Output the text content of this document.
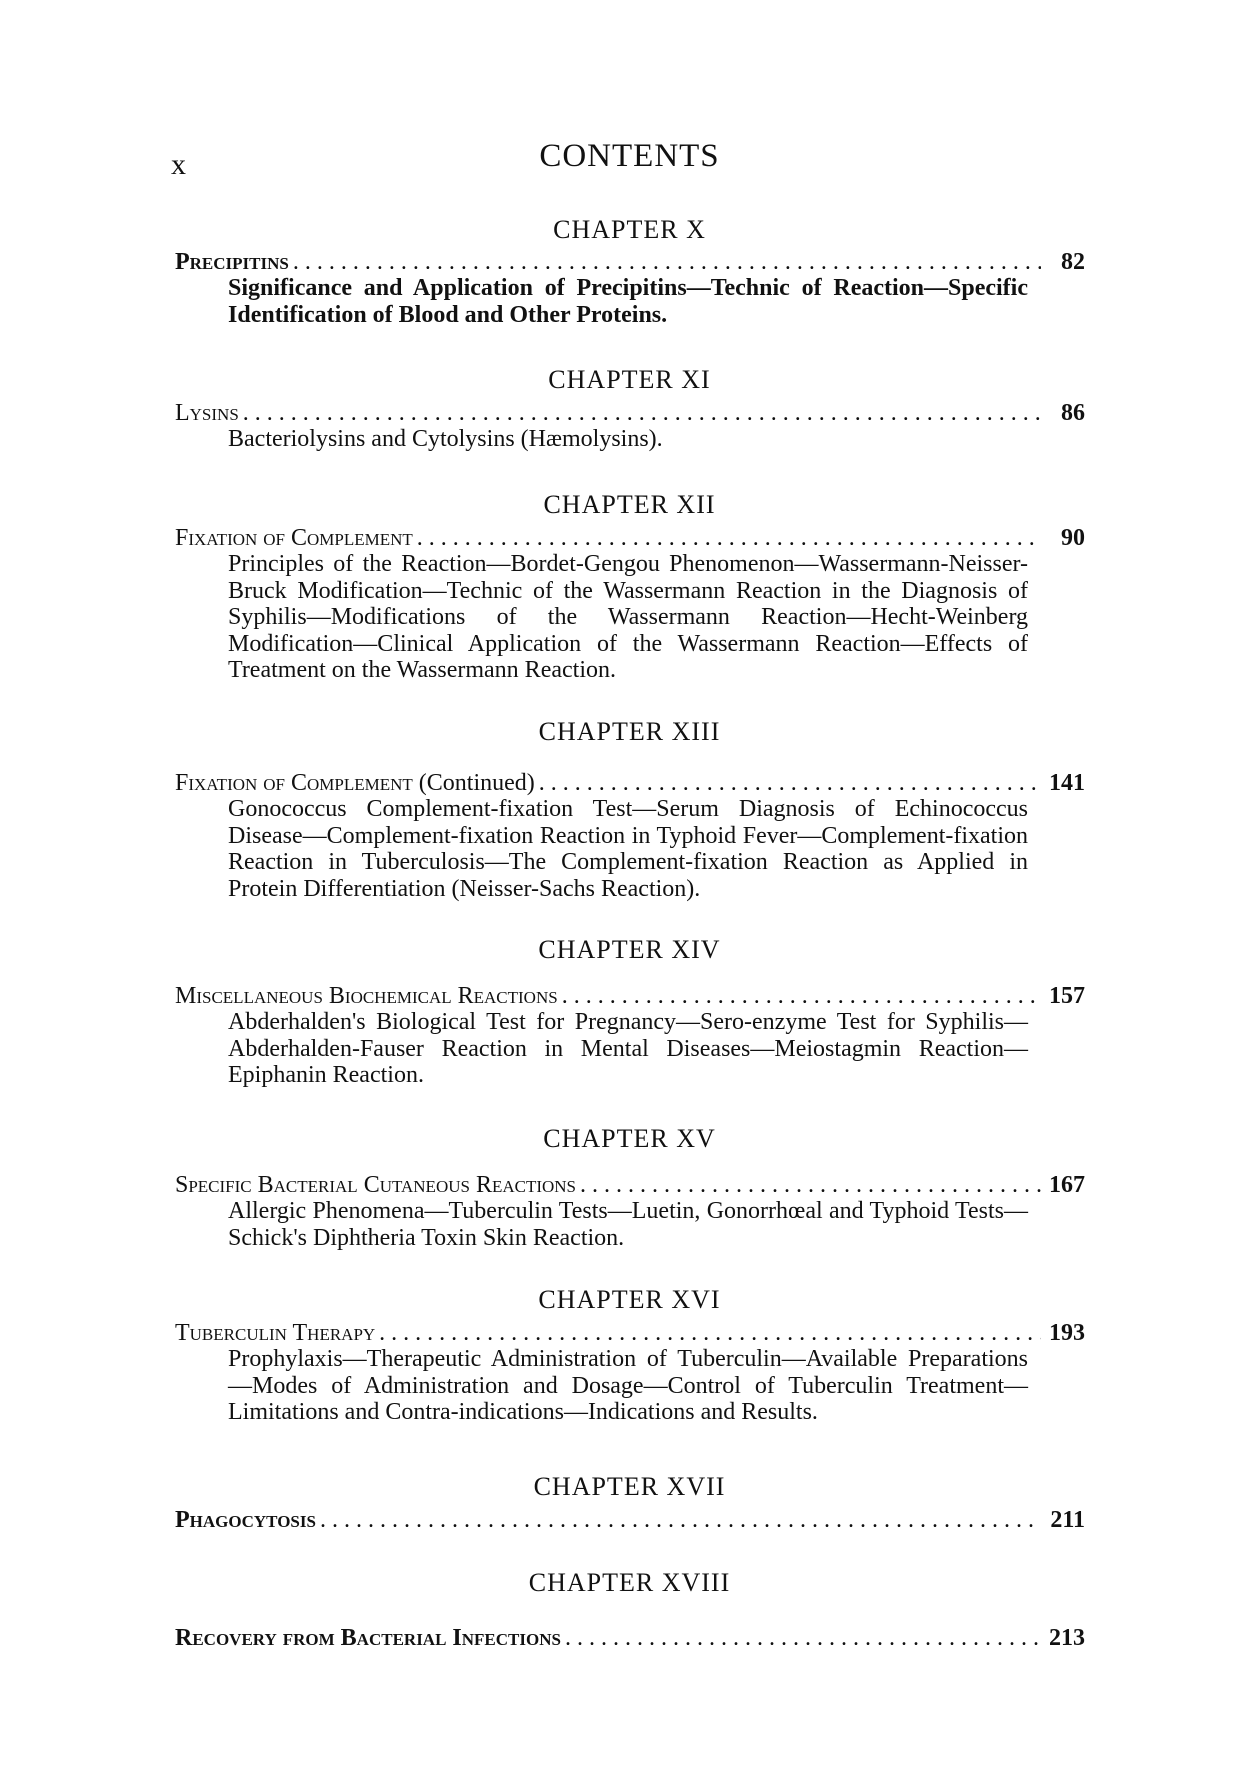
x	CONTENTS
CHAPTER X
Precipitins . . .	82
Significance and Application of Precipitins—Technic of Reaction—Specific Identification of Blood and Other Proteins.
CHAPTER XI
Lysins . . .	86
Bacteriolysins and Cytolysins (Hæmolysins).
CHAPTER XII
Fixation of Complement . . .	90
Principles of the Reaction—Bordet-Gengou Phenomenon—Wassermann-Neisser-Bruck Modification—Technic of the Wassermann Reaction in the Diagnosis of Syphilis—Modifications of the Wassermann Reaction—Hecht-Weinberg Modification—Clinical Application of the Wassermann Reaction—Effects of Treatment on the Wassermann Reaction.
CHAPTER XIII
Fixation of Complement
(Continued) . . .	141
Gonococcus Complement-fixation Test—Serum Diagnosis of Echinococcus Disease—Complement-fixation Reaction in Typhoid Fever—Complement-fixation Reaction in Tuberculosis—The Complement-fixation Reaction as Applied in Protein Differentiation (Neisser-Sachs Reaction).
CHAPTER XIV
Miscellaneous Biochemical Reactions . . .	157
Abderhalden's Biological Test for Pregnancy—Sero-enzyme Test for Syphilis—Abderhalden-Fauser Reaction in Mental Diseases—Meiostagmin Reaction—Epiphanin Reaction.
CHAPTER XV
Specific Bacterial Cutaneous Reactions . . .	167
Allergic Phenomena—Tuberculin Tests—Luetin, Gonorrhœal and Typhoid Tests—Schick's Diphtheria Toxin Skin Reaction.
CHAPTER XVI
Tuberculin Therapy . . .	193
Prophylaxis—Therapeutic Administration of Tuberculin—Available Preparations—Modes of Administration and Dosage—Control of Tuberculin Treatment—Limitations and Contra-indications—Indications and Results.
CHAPTER XVII
Phagocytosis . . .	211
CHAPTER XVIII
Recovery from Bacterial Infections . . .	213
